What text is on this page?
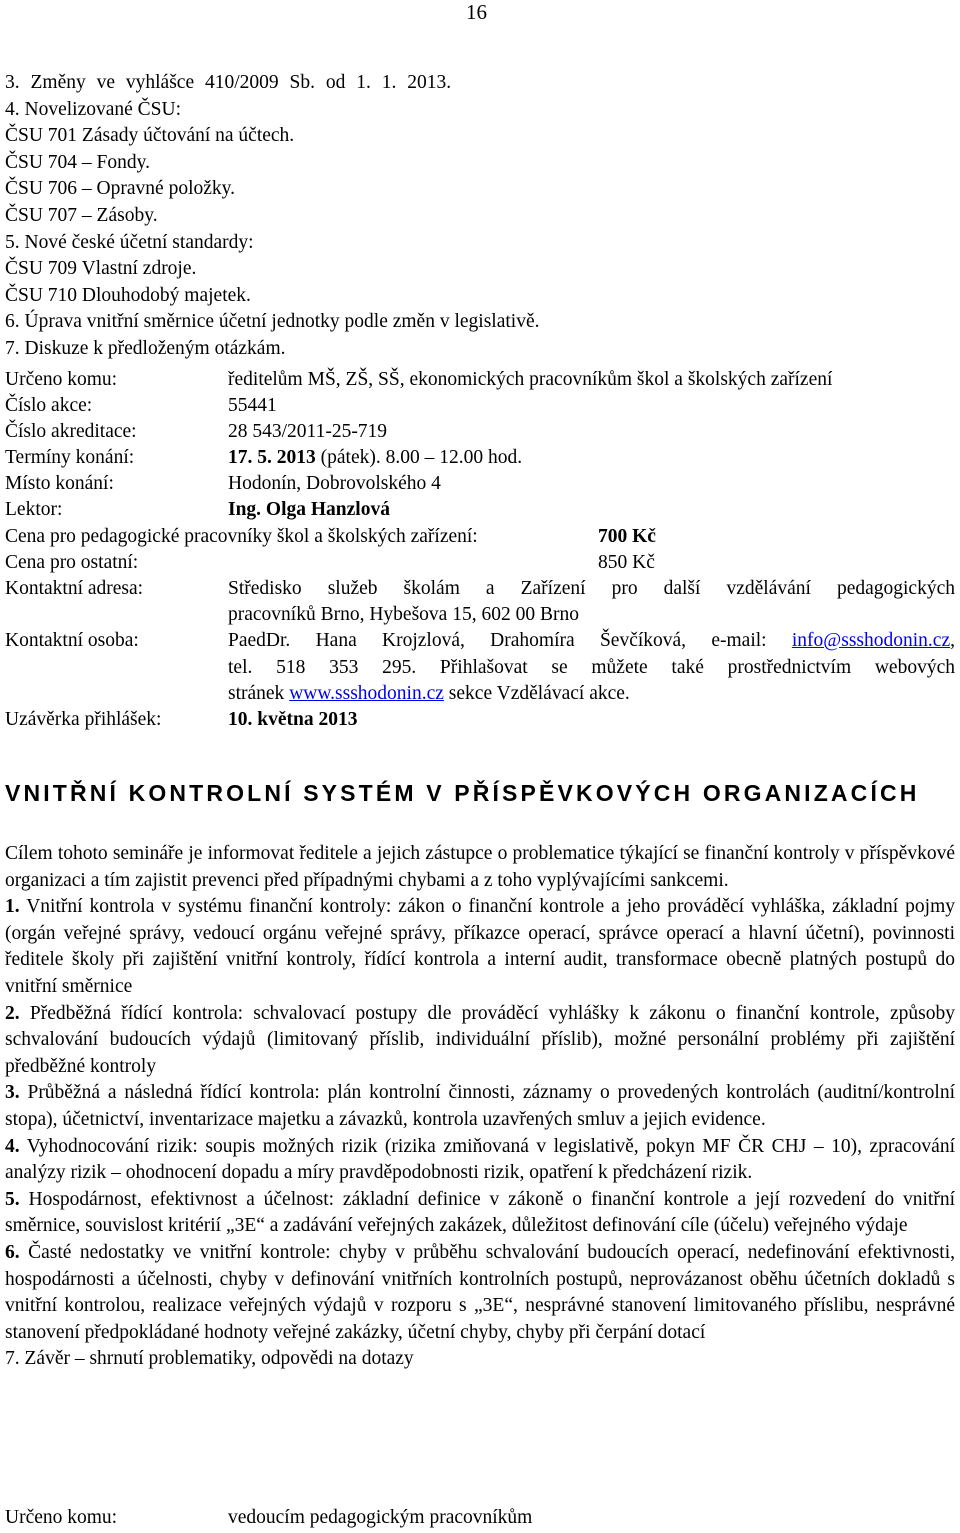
16
3. Změny ve vyhlášce 410/2009 Sb. od 1. 1. 2013.
4. Novelizované ČSU:
ČSU 701 Zásady účtování na účtech.
ČSU 704 – Fondy.
ČSU 706 – Opravné položky.
ČSU 707 – Zásoby.
5. Nové české účetní standardy:
ČSU 709 Vlastní zdroje.
ČSU 710 Dlouhodobý majetek.
6. Úprava vnitřní směrnice účetní jednotky podle změn v legislativě.
7. Diskuze k předloženým otázkám.
Určeno komu:	ředitelům MŠ, ZŠ, SŠ, ekonomických pracovníkům škol a školských zařízení
Číslo akce:	55441
Číslo akreditace:	28 543/2011-25-719
Termíny konání:	17. 5. 2013 (pátek). 8.00 – 12.00 hod.
Místo konání:	Hodonín, Dobrovolského 4
Lektor:	Ing. Olga Hanzlová
Cena pro pedagogické pracovníky škol a školských zařízení:	700 Kč
Cena pro ostatní:	850 Kč
Kontaktní adresa:	Středisko služeb školám a Zařízení pro další vzdělávání pedagogických
pracovníků Brno, Hybešova 15, 602 00 Brno
Kontaktní osoba:	PaedDr. Hana Krojzlová, Drahomíra Ševčíková, e-mail: info@ssshodonin.cz,
tel. 518 353 295. Přihlašovat se můžete také prostřednictvím webových
stránek www.ssshodonin.cz sekce Vzdělávací akce.
Uzávěrka přihlášek:	10. května 2013
VNITŘNÍ KONTROLNÍ SYSTÉM V PŘÍSPĚVKOVÝCH ORGANIZACÍCH

Cílem tohoto semináře je informovat ředitele a jejich zástupce o problematice týkající se finanční kontroly v příspěvkové organizaci a tím zajistit prevenci před případnými chybami a z toho vyplývajícími sankcemi.

1. Vnitřní kontrola v systému finanční kontroly: zákon o finanční kontrole a jeho prováděcí vyhláška, základní pojmy (orgán veřejné správy, vedoucí orgánu veřejné správy, příkazce operací, správce operací a hlavní účetní), povinnosti ředitele školy při zajištění vnitřní kontroly, řídící kontrola a interní audit, transformace obecně platných postupů do vnitřní směrnice

2. Předběžná řídící kontrola: schvalovací postupy dle prováděcí vyhlášky k zákonu o finanční kontrole, způsoby schvalování budoucích výdajů (limitovaný příslib, individuální příslib), možné personální problémy při zajištění předběžné kontroly

3. Průběžná a následná řídící kontrola: plán kontrolní činnosti, záznamy o provedených kontrolách (auditní/kontrolní stopa), účetnictví, inventarizace majetku a závazků, kontrola uzavřených smluv a jejich evidence.

4. Vyhodnocování rizik: soupis možných rizik (rizika zmiňovaná v legislativě, pokyn MF ČR CHJ – 10), zpracování analýzy rizik – ohodnocení dopadu a míry pravděpodobnosti rizik, opatření k předcházení rizik.

5. Hospodárnost, efektivnost a účelnost: základní definice v zákoně o finanční kontrole a její rozvedení do vnitřní směrnice, souvislost kritérií „3E“ a zadávání veřejných zakázek, důležitost definování cíle (účelu) veřejného výdaje

6. Časté nedostatky ve vnitřní kontrole: chyby v průběhu schvalování budoucích operací, nedefinování efektivnosti, hospodárnosti a účelnosti, chyby v definování vnitřních kontrolních postupů, neprovázanost oběhu účetních dokladů s vnitřní kontrolou, realizace veřejných výdajů v rozporu s „3E“, nesprávné stanovení limitovaného příslibu, nesprávné stanovení předpokládané hodnoty veřejné zakázky, účetní chyby, chyby při čerpání dotací

7. Závěr – shrnutí problematiky, odpovědi na dotazy

Určeno komu:	vedoucím pedagogickým pracovníkům
